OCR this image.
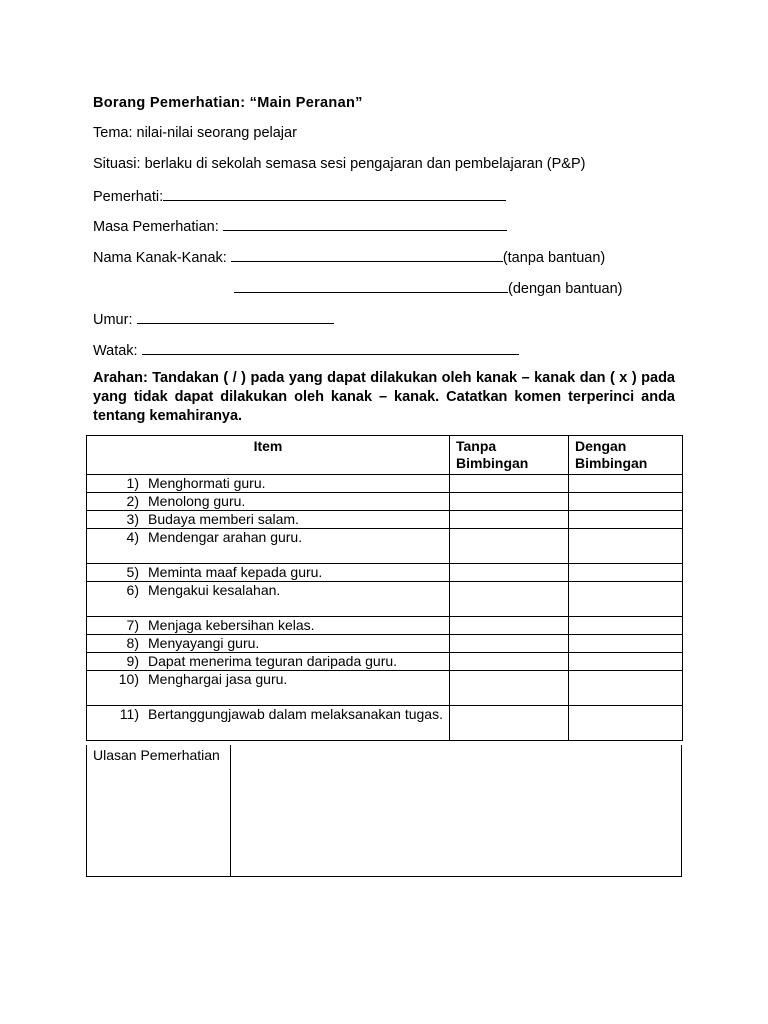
Borang Pemerhatian: “Main Peranan”
Tema: nilai-nilai seorang pelajar
Situasi: berlaku di sekolah semasa sesi pengajaran dan pembelajaran (P&P)
Pemerhati:
Masa Pemerhatian:
Nama Kanak-Kanak:	(tanpa bantuan)
(dengan bantuan)
Umur:
Watak:
Arahan: Tandakan ( / ) pada yang dapat dilakukan oleh kanak – kanak dan ( x ) pada yang tidak dapat dilakukan oleh kanak – kanak. Catatkan komen terperinci anda tentang kemahiranya.
Item	Tanpa Bimbingan	Dengan Bimbingan

1) Menghormati guru.		

2) Menolong guru.		

3) Budaya memberi salam.		

4) Mendengar arahan guru.		

5) Meminta maaf kepada guru.		

6) Mengakui kesalahan.		

7) Menjaga kebersihan kelas.		

8) Menyayangi guru.		

9) Dapat menerima teguran daripada guru.		

10) Menghargai jasa guru.		

11) Bertanggungjawab dalam melaksanakan tugas.		

Ulasan Pemerhatian
